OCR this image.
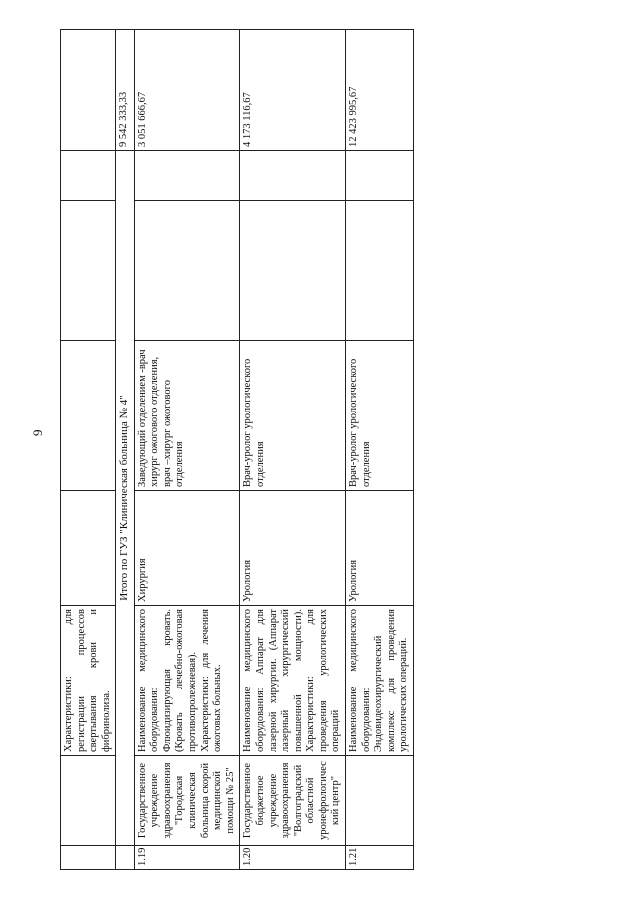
9
		Характеристики: для регистрации процессов свертывания крови и фибринолиза.					
	Итого по ГУЗ "Клиническая больница № 4"						9 542 333,33
1.19	Государственное учреждение здравоохранения "Городская клиническая больница скорой медицинской помощи № 25"	Наименование медицинского оборудования: Флюидизирующая кровать. (Кровать лечебно-ожоговая противопролежневая). Характеристики: для лечения ожоговых больных.	Хирургия	Заведующий отделением -врач хирург ожогового отделения, врач –хирург ожогового отделения			3 051 666,67
1.20	Государственное бюджетное учреждение здравоохранения "Волгоградский областной уронефрологичес кий центр"	Наименование медицинского оборудования: Аппарат для лазерной хирургии. (Аппарат лазерный хирургический повышенной мощности). Характеристики: для проведения урологических операций	Урология	Врач-уролог урологического отделения			4 173 116,67
1.21		Наименование медицинского оборудования: Эндовидеохирургический комплекс для проведения урологических операций.	Урология	Врач-уролог урологического отделения			12 423 995,67
